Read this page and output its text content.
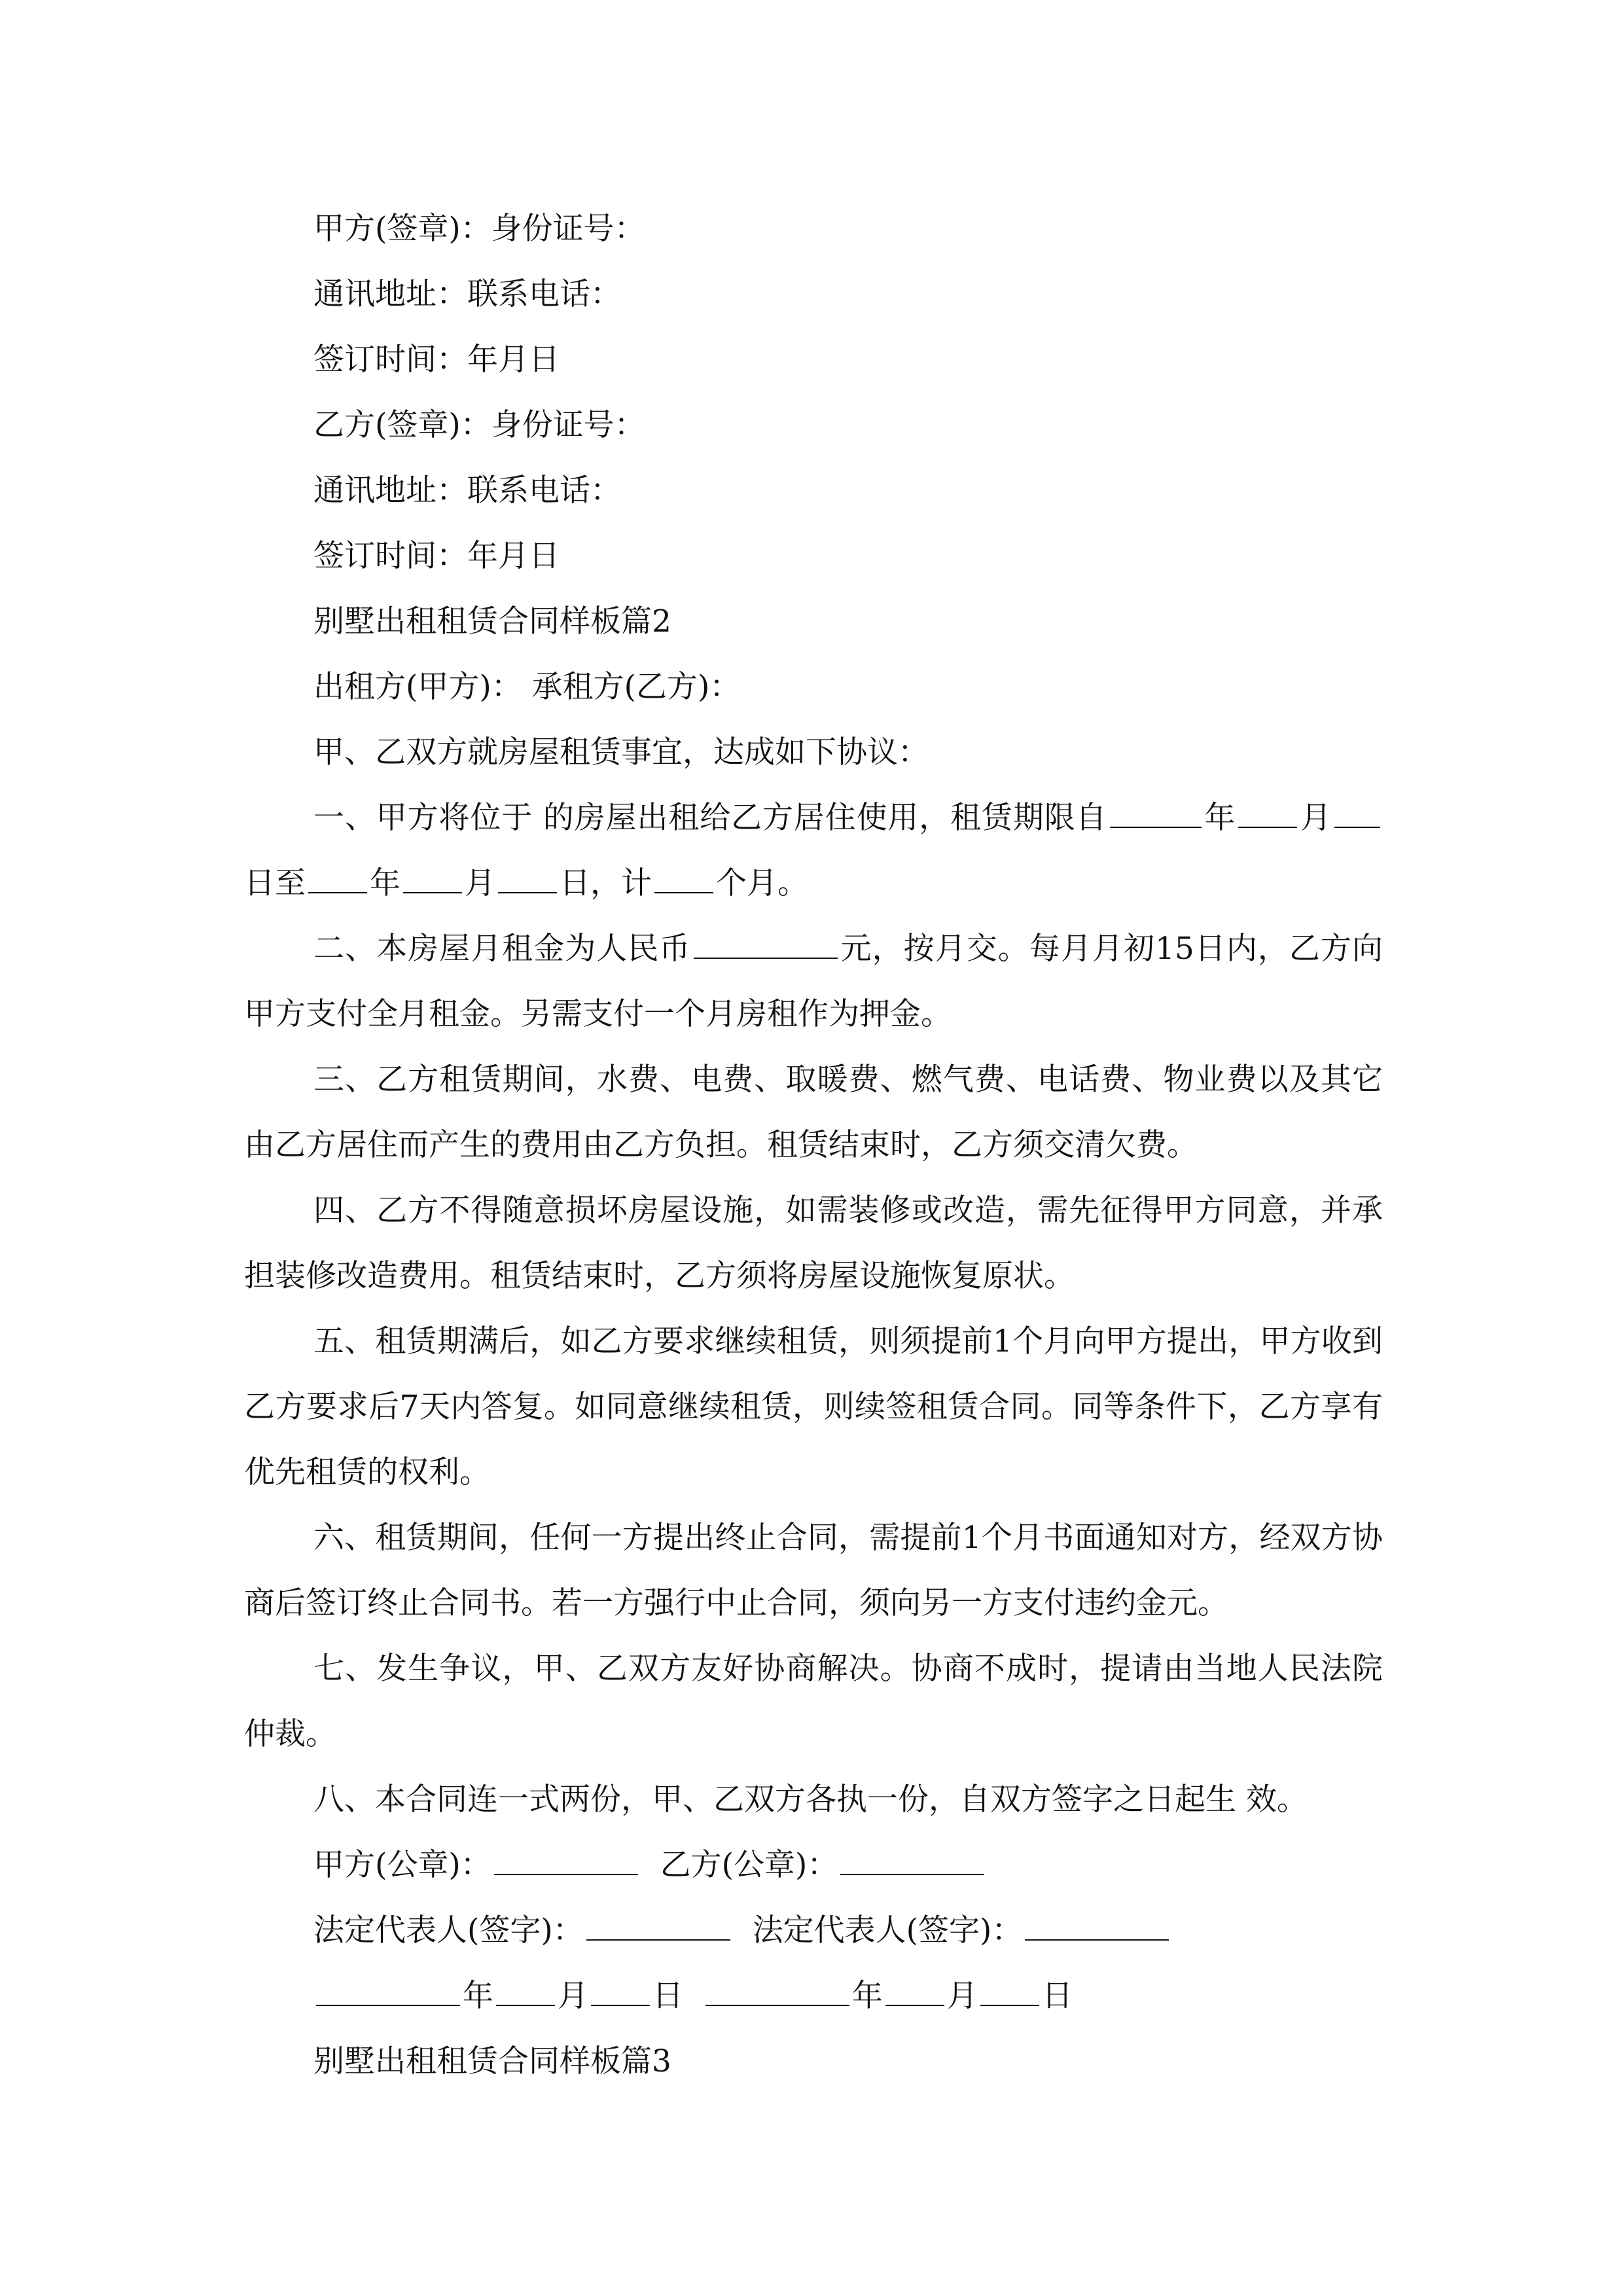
甲方(签章)：身份证号：

通讯地址：联系电话：

签订时间：年月日

乙方(签章)：身份证号：

通讯地址：联系电话：

签订时间：年月日

别墅出租租赁合同样板篇2

出租方(甲方)： 承租方(乙方)：

甲、乙双方就房屋租赁事宜，达成如下协议：

一、甲方将位于 的房屋出租给乙方居住使用，租赁期限自	年 月日至 年 月 日，计 个月。

二、本房屋月租金为人民币	元，按月交。每月月初15日内，乙方向甲方支付全月租金。另需支付一个月房租作为押金。

三、乙方租赁期间，水费、电费、取暖费、燃气费、电话费、物业费以及其它由乙方居住而产生的费用由乙方负担。租赁结束时，乙方须交清欠费。

四、乙方不得随意损坏房屋设施，如需装修或改造，需先征得甲方同意，并承担装修改造费用。租赁结束时，乙方须将房屋设施恢复原状。

五、租赁期满后，如乙方要求继续租赁，则须提前1个月向甲方提出，甲方收到乙方要求后7天内答复。如同意继续租赁，则续签租赁合同。同等条件下，乙方享有优先租赁的权利。

六、租赁期间，任何一方提出终止合同，需提前1个月书面通知对方，经双方协商后签订终止合同书。若一方强行中止合同，须向另一方支付违约金元。

七、发生争议，甲、乙双方友好协商解决。协商不成时，提请由当地人民法院仲裁。

八、本合同连一式两份，甲、乙双方各执一份，自双方签字之日起生 效。

甲方(公章)：	乙方(公章)：

法定代表人(签字)：	法定代表人(签字)：

年 月 日	年 月 日

别墅出租租赁合同样板篇3
